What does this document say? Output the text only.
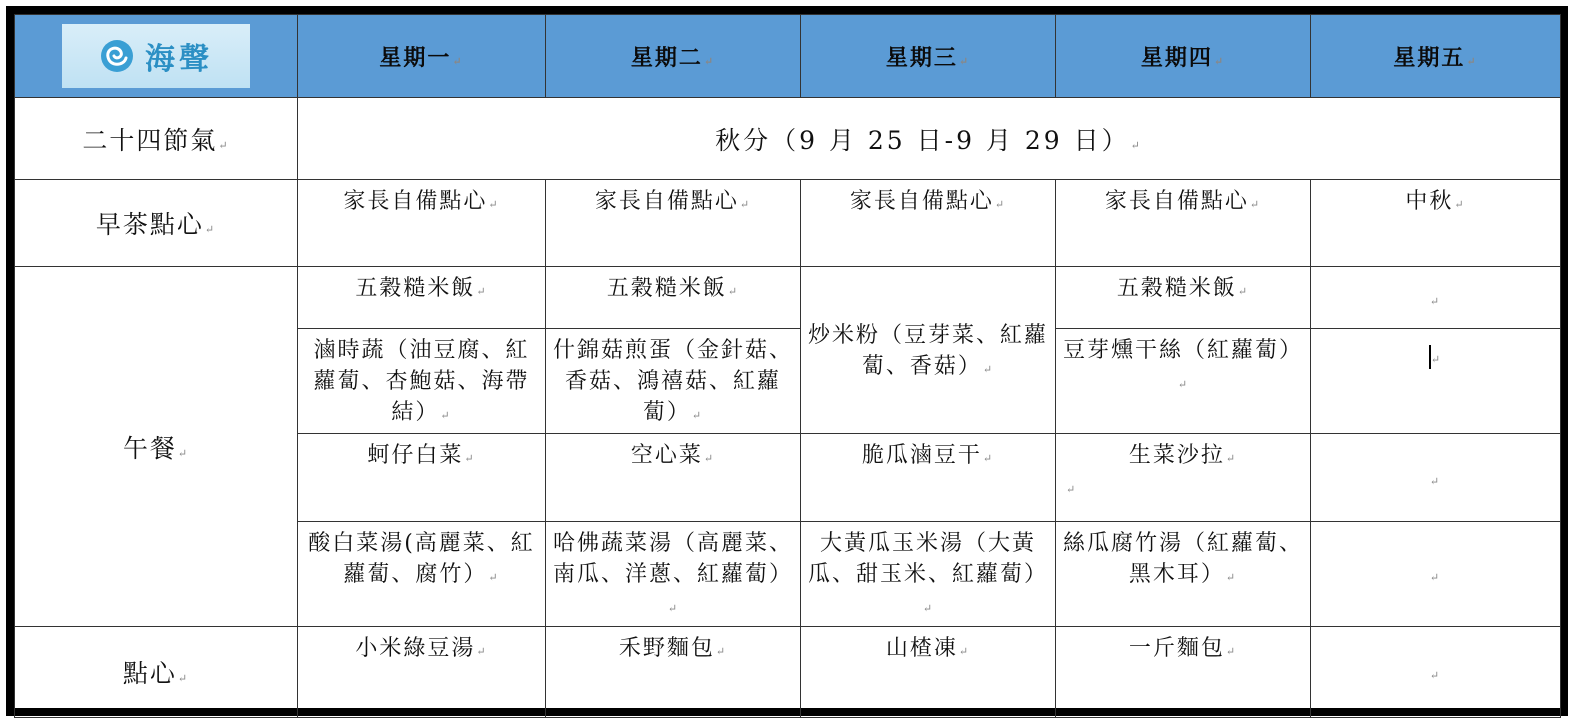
海聲	星期一↵	星期二↵	星期三↵	星期四↵	星期五↵
二十四節氣↵	秋分（9 月 25 日-9 月 29 日）↵				
早茶點心↵	家長自備點心↵	家長自備點心↵	家長自備點心↵	家長自備點心↵	中秋↵
午餐↵	五穀糙米飯↵	五穀糙米飯↵	炒米粉（豆芽菜、紅蘿蔔、香菇）↵	五穀糙米飯↵	↵
	滷時蔬（油豆腐、紅蘿蔔、杏鮑菇、海帶結）↵	什錦菇煎蛋（金針菇、香菇、鴻禧菇、紅蘿蔔）↵		豆芽燻干絲（紅蘿蔔）↵	↵
	蚵仔白菜↵	空心菜↵	脆瓜滷豆干↵	生菜沙拉↵

↵	↵
	酸白菜湯(高麗菜、紅蘿蔔、腐竹）↵	哈佛蔬菜湯（高麗菜、南瓜、洋蔥、紅蘿蔔）↵	大黃瓜玉米湯（大黃瓜、甜玉米、紅蘿蔔）↵	絲瓜腐竹湯（紅蘿蔔、黑木耳）↵	↵
點心↵	小米綠豆湯↵	禾野麵包↵	山楂凍↵	一斤麵包↵	↵
